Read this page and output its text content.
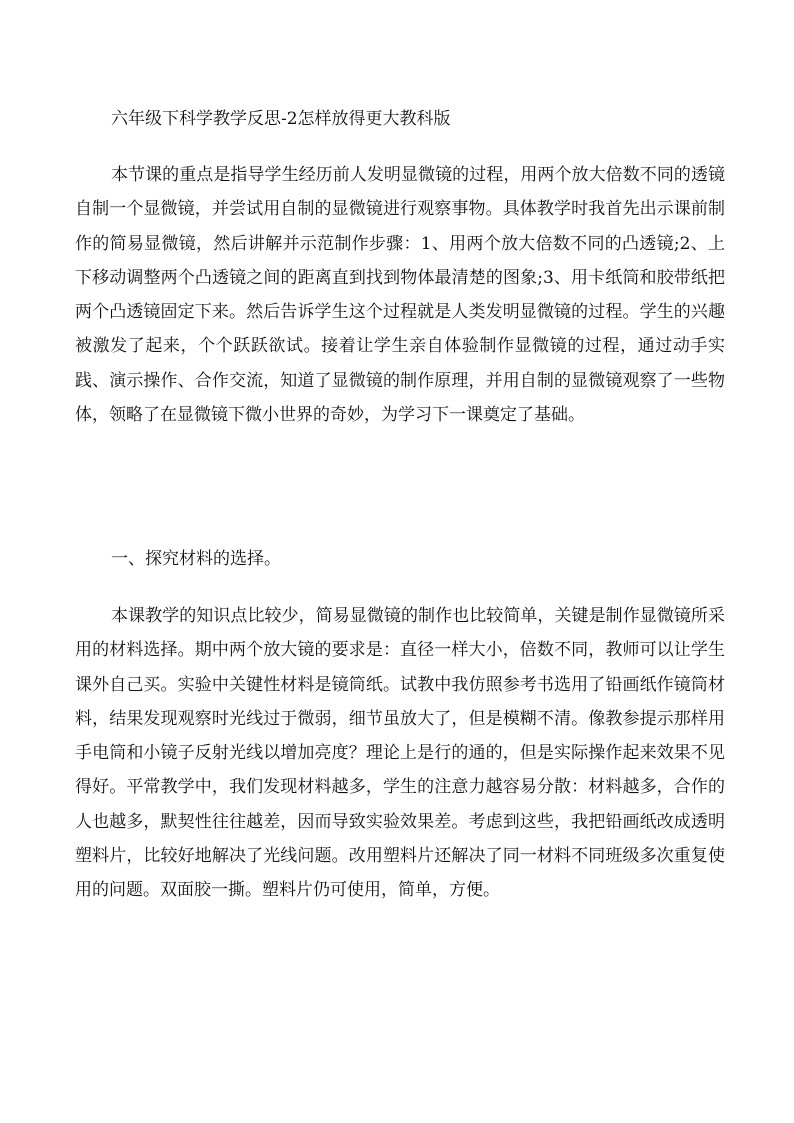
六年级下科学教学反思-2怎样放得更大教科版

本节课的重点是指导学生经历前人发明显微镜的过程，用两个放大倍数不同的透镜自制一个显微镜，并尝试用自制的显微镜进行观察事物。具体教学时我首先出示课前制作的简易显微镜，然后讲解并示范制作步骤：1、用两个放大倍数不同的凸透镜;2、上下移动调整两个凸透镜之间的距离直到找到物体最清楚的图象;3、用卡纸筒和胶带纸把两个凸透镜固定下来。然后告诉学生这个过程就是人类发明显微镜的过程。学生的兴趣被激发了起来，个个跃跃欲试。接着让学生亲自体验制作显微镜的过程，通过动手实践、演示操作、合作交流，知道了显微镜的制作原理，并用自制的显微镜观察了一些物体，领略了在显微镜下微小世界的奇妙，为学习下一课奠定了基础。

一、探究材料的选择。

本课教学的知识点比较少，简易显微镜的制作也比较简单，关键是制作显微镜所采用的材料选择。期中两个放大镜的要求是：直径一样大小，倍数不同，教师可以让学生课外自己买。实验中关键性材料是镜筒纸。试教中我仿照参考书选用了铅画纸作镜筒材料，结果发现观察时光线过于微弱，细节虽放大了，但是模糊不清。像教参提示那样用手电筒和小镜子反射光线以增加亮度？理论上是行的通的，但是实际操作起来效果不见得好。平常教学中，我们发现材料越多，学生的注意力越容易分散：材料越多，合作的人也越多，默契性往往越差，因而导致实验效果差。考虑到这些，我把铅画纸改成透明塑料片，比较好地解决了光线问题。改用塑料片还解决了同一材料不同班级多次重复使用的问题。双面胶一撕。塑料片仍可使用，简单，方便。
